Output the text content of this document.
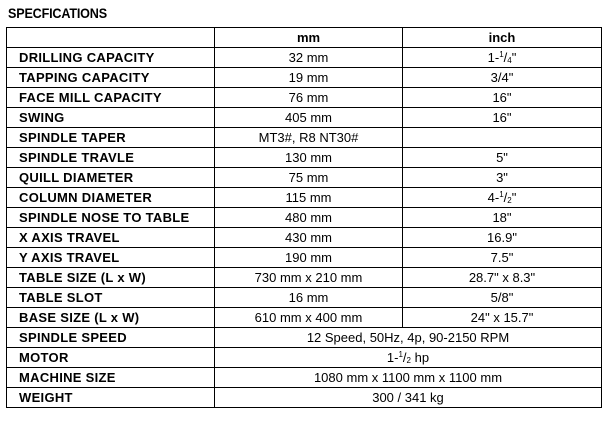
SPECFICATIONS
	mm	inch
DRILLING CAPACITY	32 mm	$1-^1/_4$"
TAPPING CAPACITY	19 mm	3/4"
FACE MILL CAPACITY	76 mm	16"
SWING	405 mm	16"
SPINDLE TAPER	MT3#, R8 NT30#	
SPINDLE TRAVLE	130 mm	5"
QUILL DIAMETER	75 mm	3"
COLUMN DIAMETER	115 mm	$4-^1/_2$"
SPINDLE NOSE TO TABLE	480 mm	18"
X AXIS TRAVEL	430 mm	16.9"
Y AXIS TRAVEL	190 mm	7.5"
TABLE SIZE (L x W)	730 mm x 210 mm	28.7" x 8.3"
TABLE SLOT	16 mm	5/8"
BASE SIZE (L x W)	610 mm x 400 mm	24" x 15.7"
SPINDLE SPEED	12 Speed, 50Hz, 4p, 90-2150 RPM	
MOTOR	$1-^1/_2$ hp	
MACHINE SIZE	1080 mm x 1100 mm x 1100 mm	
WEIGHT	300 / 341 kg	
